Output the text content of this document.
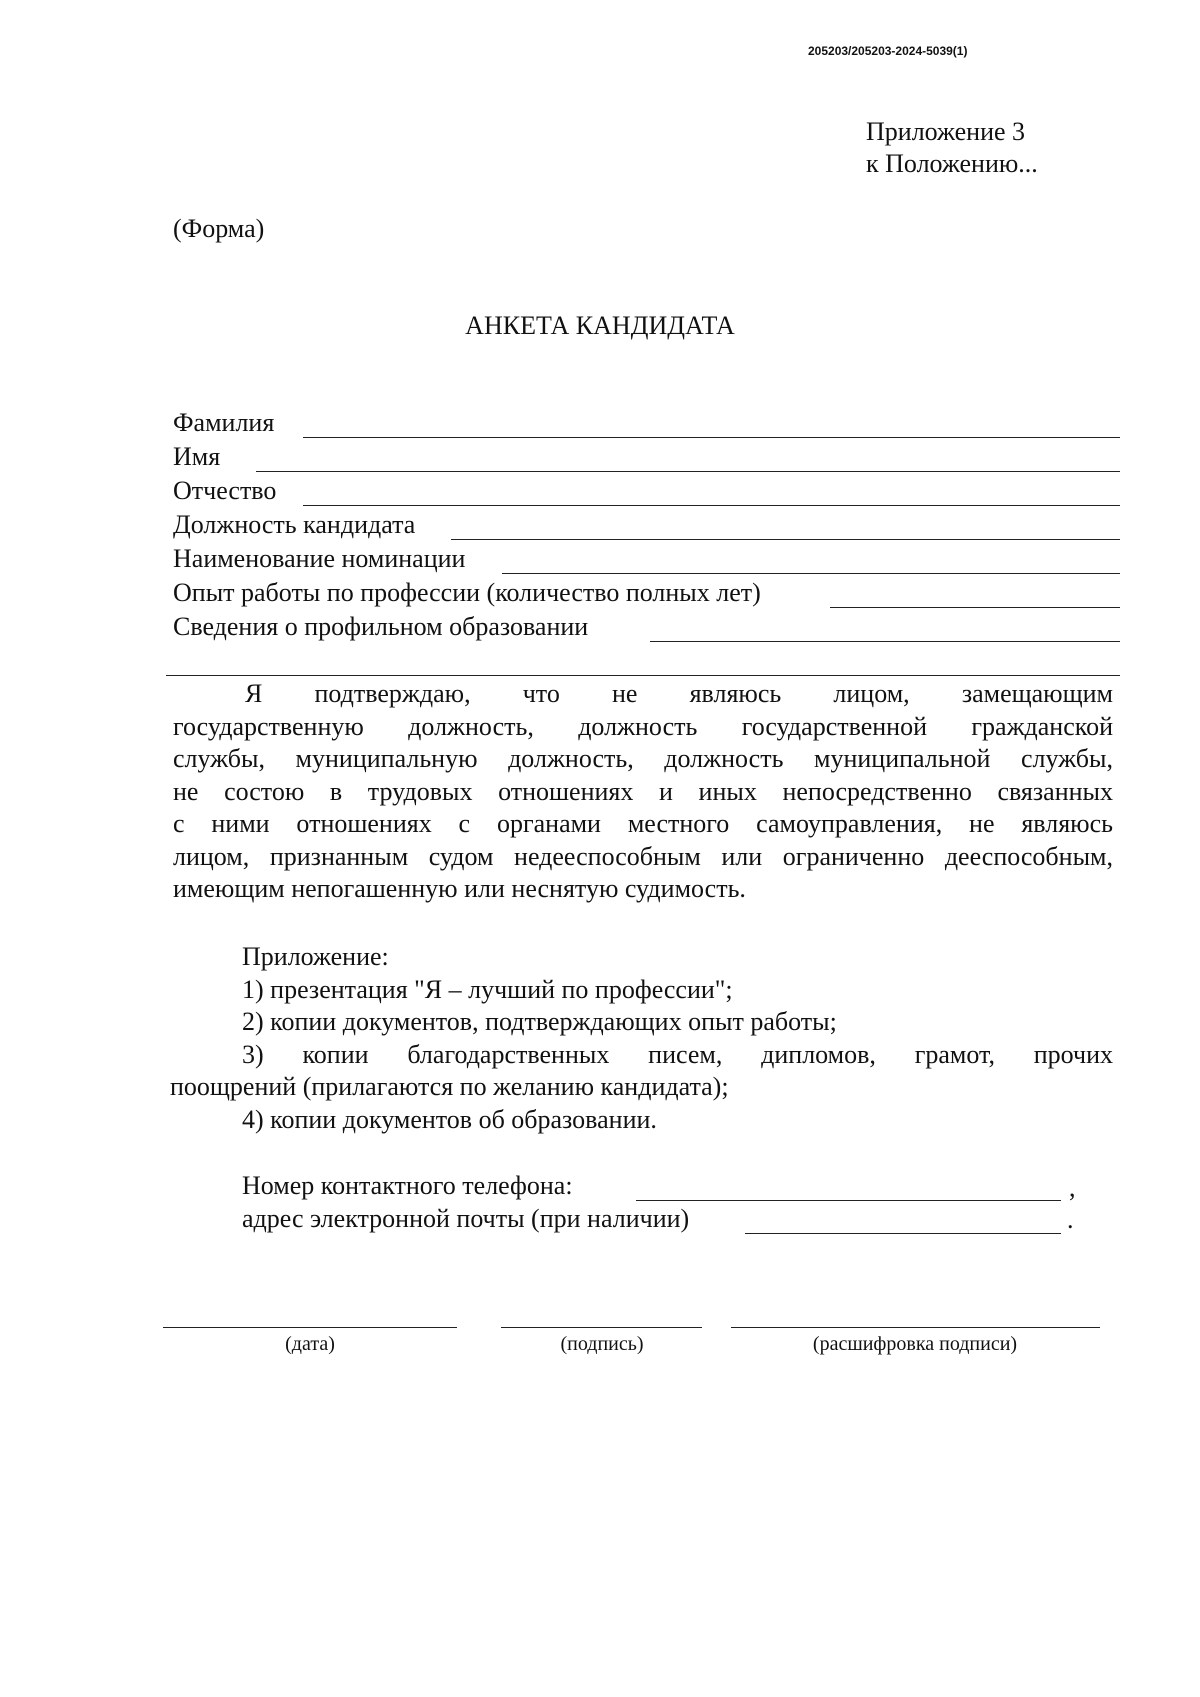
205203/205203-2024-5039(1)
Приложение 3
к Положению...
(Форма)
АНКЕТА КАНДИДАТА
Фамилия
Имя
Отчество
Должность кандидата
Наименование номинации
Опыт работы по профессии (количество полных лет)
Сведения о профильном образовании
Я подтверждаю, что не являюсь лицом, замещающим
государственную должность, должность государственной гражданской
службы, муниципальную должность, должность муниципальной службы,
не состою в трудовых отношениях и иных непосредственно связанных
с ними отношениях с органами местного самоуправления, не являюсь
лицом, признанным судом недееспособным или ограниченно дееспособным,
имеющим непогашенную или неснятую судимость.
Приложение:
1) презентация "Я – лучший по профессии";
2) копии документов, подтверждающих опыт работы;
3) копии благодарственных писем, дипломов, грамот, прочих
поощрений (прилагаются по желанию кандидата);
4) копии документов об образовании.
Номер контактного телефона:	,
адрес электронной почты (при наличии)	.
(дата)	(подпись)	(расшифровка подписи)
